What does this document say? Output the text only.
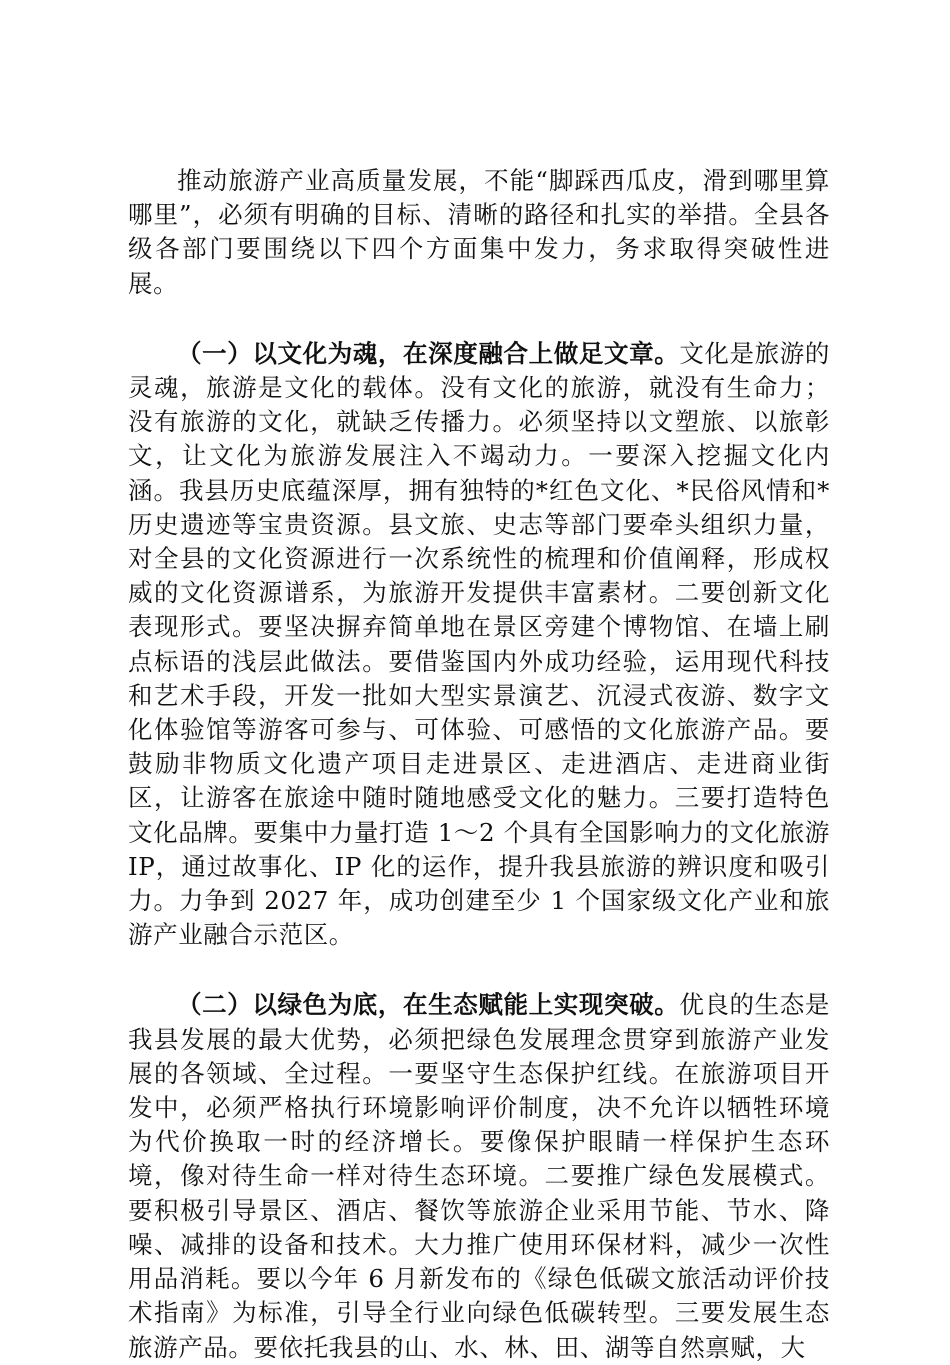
推动旅游产业高质量发展，不能“脚踩西瓜皮，滑到哪里算哪里”，必须有明确的目标、清晰的路径和扎实的举措。全县各级各部门要围绕以下四个方面集中发力，务求取得突破性进展。

（一）以文化为魂，在深度融合上做足文章。文化是旅游的灵魂，旅游是文化的载体。没有文化的旅游，就没有生命力；没有旅游的文化，就缺乏传播力。必须坚持以文塑旅、以旅彰文，让文化为旅游发展注入不竭动力。一要深入挖掘文化内涵。我县历史底蕴深厚，拥有独特的*红色文化、*民俗风情和*历史遗迹等宝贵资源。县文旅、史志等部门要牵头组织力量，对全县的文化资源进行一次系统性的梳理和价值阐释，形成权威的文化资源谱系，为旅游开发提供丰富素材。二要创新文化表现形式。要坚决摒弃简单地在景区旁建个博物馆、在墙上刷点标语的浅层此做法。要借鉴国内外成功经验，运用现代科技和艺术手段，开发一批如大型实景演艺、沉浸式夜游、数字文化体验馆等游客可参与、可体验、可感悟的文化旅游产品。要鼓励非物质文化遗产项目走进景区、走进酒店、走进商业街区，让游客在旅途中随时随地感受文化的魅力。三要打造特色文化品牌。要集中力量打造 1～2 个具有全国影响力的文化旅游 IP，通过故事化、IP 化的运作，提升我县旅游的辨识度和吸引力。力争到 2027 年，成功创建至少 1 个国家级文化产业和旅游产业融合示范区。

（二）以绿色为底，在生态赋能上实现突破。优良的生态是我县发展的最大优势，必须把绿色发展理念贯穿到旅游产业发展的各领域、全过程。一要坚守生态保护红线。在旅游项目开发中，必须严格执行环境影响评价制度，决不允许以牺牲环境为代价换取一时的经济增长。要像保护眼睛一样保护生态环境，像对待生命一样对待生态环境。二要推广绿色发展模式。要积极引导景区、酒店、餐饮等旅游企业采用节能、节水、降噪、减排的设备和技术。大力推广使用环保材料，减少一次性用品消耗。要以今年 6 月新发布的《绿色低碳文旅活动评价技术指南》为标准，引导全行业向绿色低碳转型。三要发展生态旅游产品。要依托我县的山、水、林、田、湖等自然禀赋，大
